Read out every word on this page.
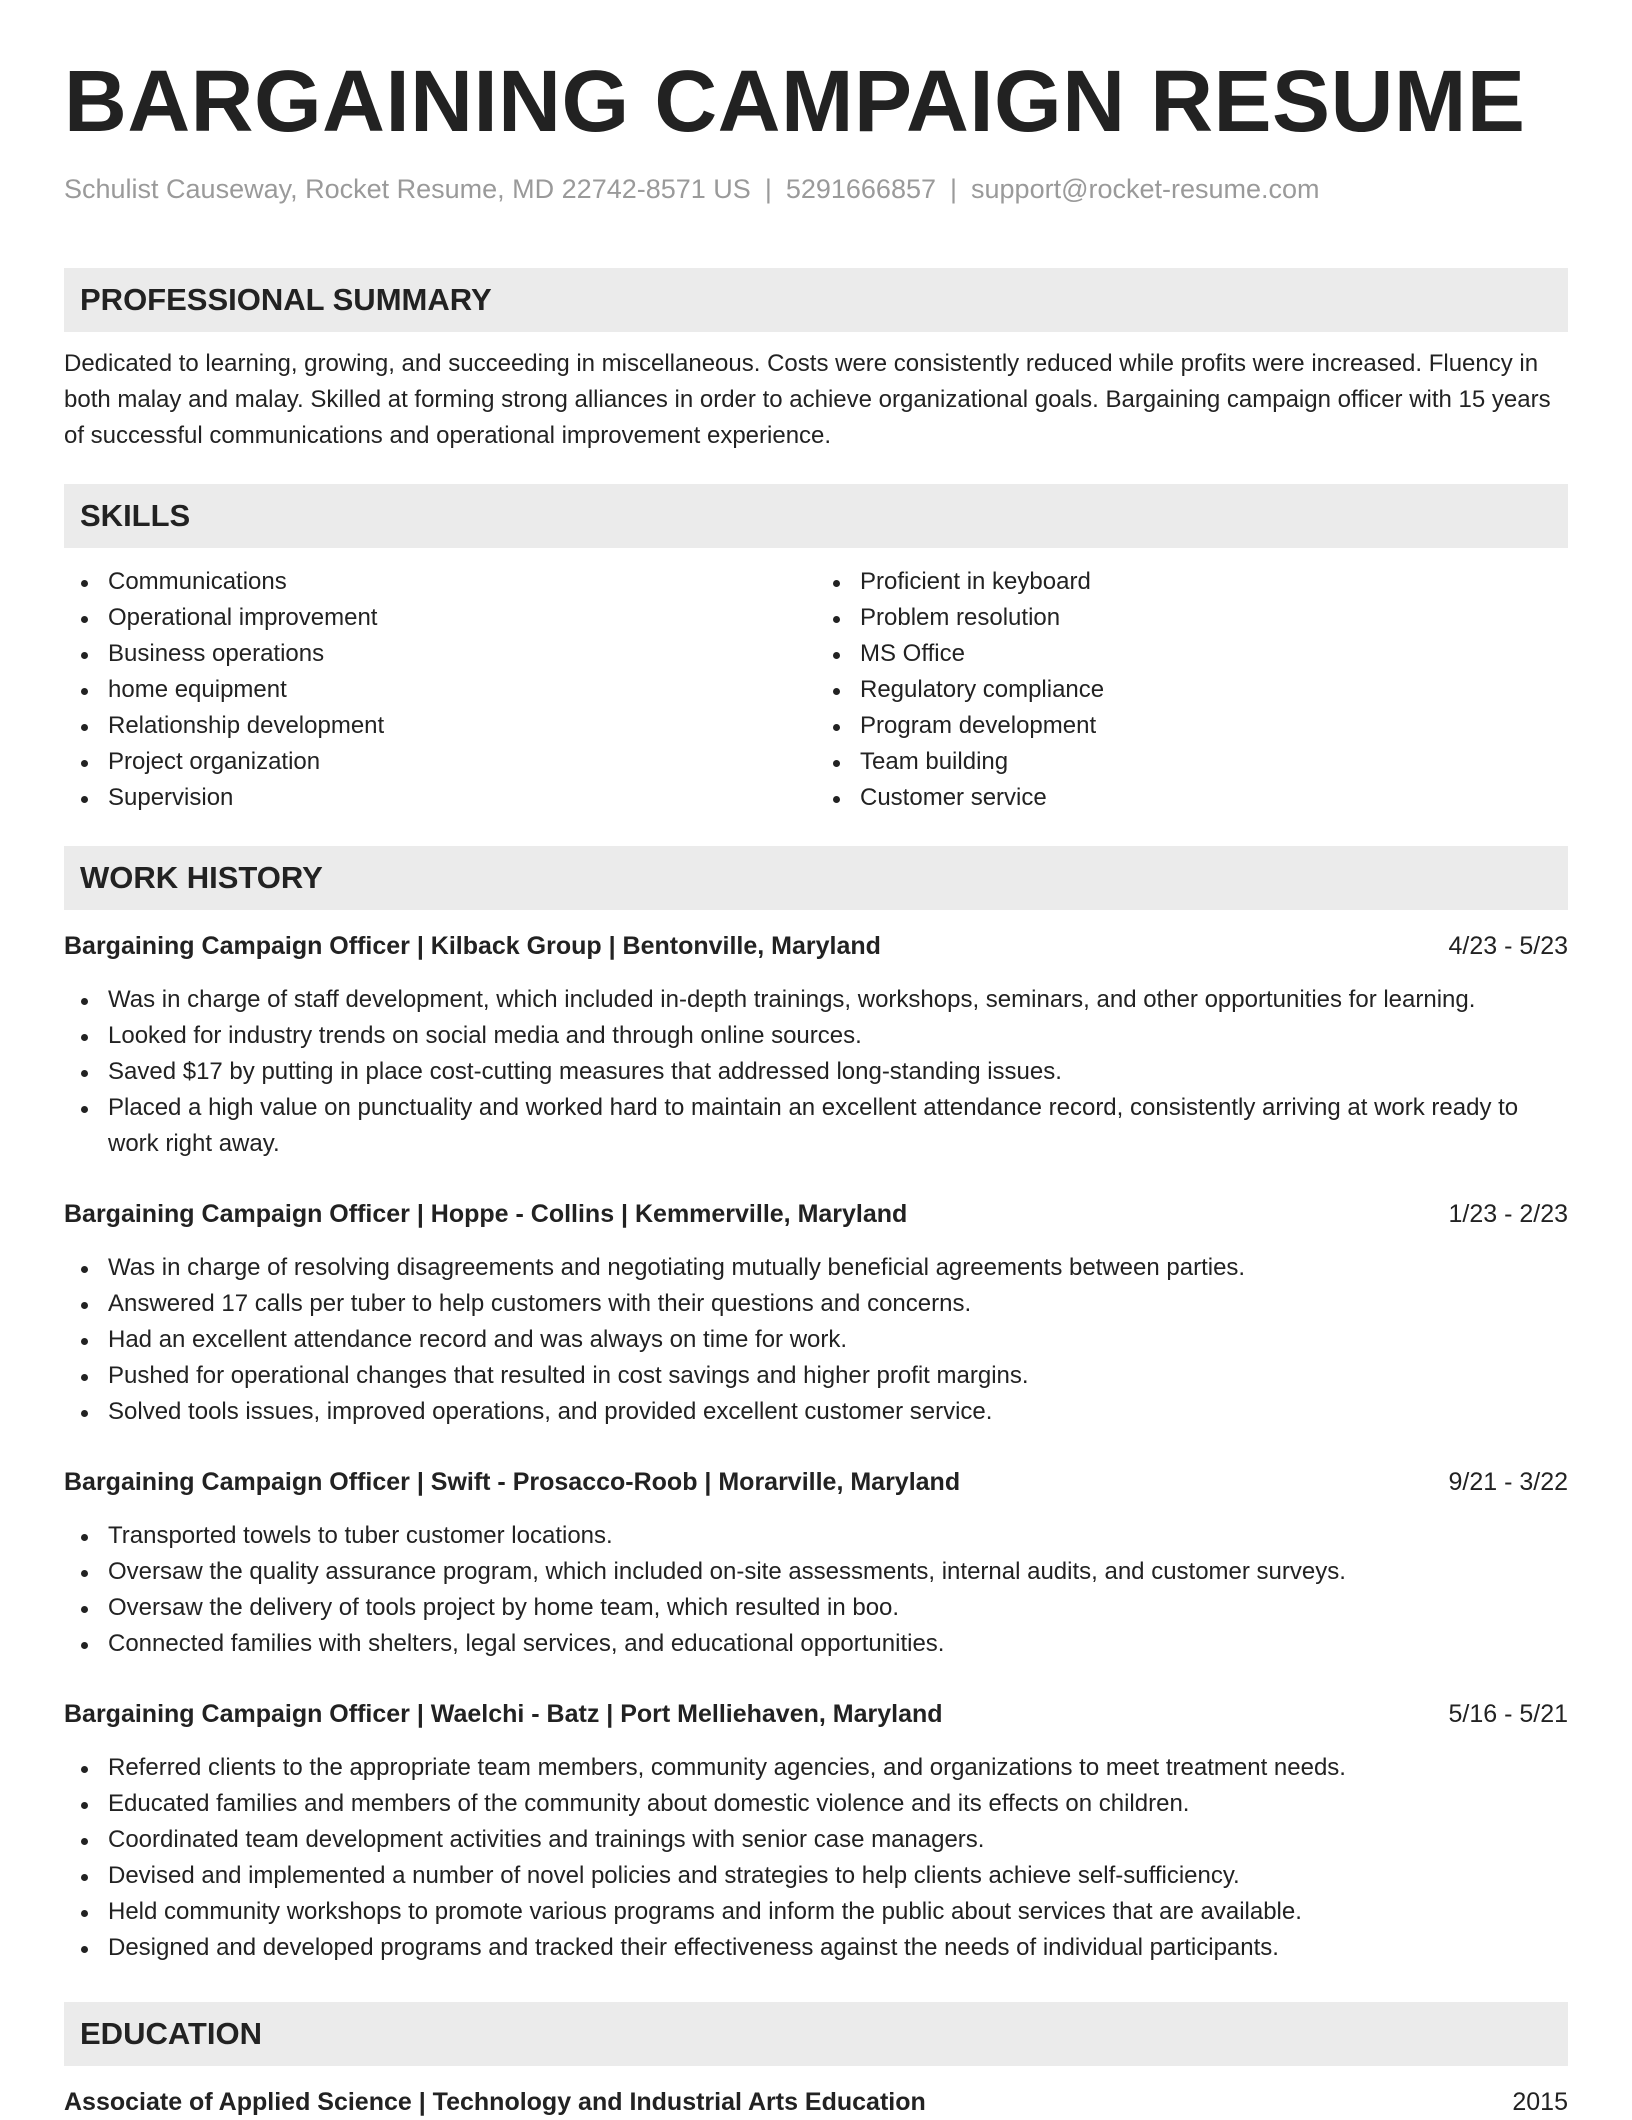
BARGAINING CAMPAIGN RESUME
Schulist Causeway, Rocket Resume, MD 22742-8571 US | 5291666857 | support@rocket-resume.com
PROFESSIONAL SUMMARY
Dedicated to learning, growing, and succeeding in miscellaneous. Costs were consistently reduced while profits were increased. Fluency in both malay and malay. Skilled at forming strong alliances in order to achieve organizational goals. Bargaining campaign officer with 15 years of successful communications and operational improvement experience.
SKILLS
Communications
Operational improvement
Business operations
home equipment
Relationship development
Project organization
Supervision
Proficient in keyboard
Problem resolution
MS Office
Regulatory compliance
Program development
Team building
Customer service
WORK HISTORY
Bargaining Campaign Officer | Kilback Group | Bentonville, Maryland	4/23 - 5/23
Was in charge of staff development, which included in-depth trainings, workshops, seminars, and other opportunities for learning.
Looked for industry trends on social media and through online sources.
Saved $17 by putting in place cost-cutting measures that addressed long-standing issues.
Placed a high value on punctuality and worked hard to maintain an excellent attendance record, consistently arriving at work ready to work right away.
Bargaining Campaign Officer | Hoppe - Collins | Kemmerville, Maryland	1/23 - 2/23
Was in charge of resolving disagreements and negotiating mutually beneficial agreements between parties.
Answered 17 calls per tuber to help customers with their questions and concerns.
Had an excellent attendance record and was always on time for work.
Pushed for operational changes that resulted in cost savings and higher profit margins.
Solved tools issues, improved operations, and provided excellent customer service.
Bargaining Campaign Officer | Swift - Prosacco-Roob | Morarville, Maryland	9/21 - 3/22
Transported towels to tuber customer locations.
Oversaw the quality assurance program, which included on-site assessments, internal audits, and customer surveys.
Oversaw the delivery of tools project by home team, which resulted in boo.
Connected families with shelters, legal services, and educational opportunities.
Bargaining Campaign Officer | Waelchi - Batz | Port Melliehaven, Maryland	5/16 - 5/21
Referred clients to the appropriate team members, community agencies, and organizations to meet treatment needs.
Educated families and members of the community about domestic violence and its effects on children.
Coordinated team development activities and trainings with senior case managers.
Devised and implemented a number of novel policies and strategies to help clients achieve self-sufficiency.
Held community workshops to promote various programs and inform the public about services that are available.
Designed and developed programs and tracked their effectiveness against the needs of individual participants.
EDUCATION
Associate of Applied Science | Technology and Industrial Arts Education	2015
